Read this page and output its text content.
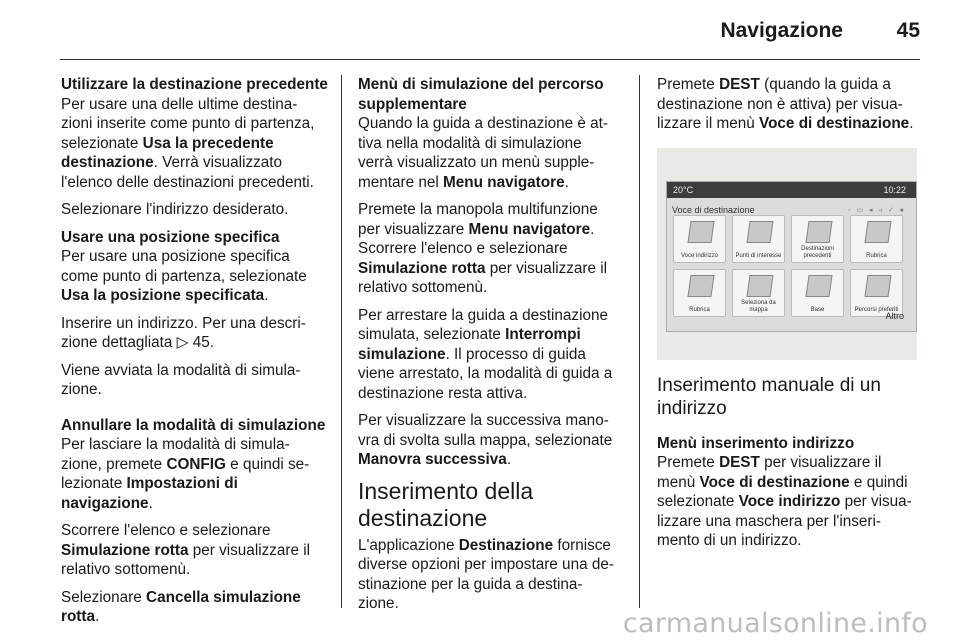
Navigazione	45
Utilizzare la destinazione precedente

Per usare una delle ultime destina-
zioni inserite come punto di partenza,
selezionate Usa la precedente
destinazione. Verrà visualizzato
l'elenco delle destinazioni precedenti.

Selezionare l'indirizzo desiderato.

Usare una posizione specifica

Per usare una posizione specifica
come punto di partenza, selezionate
Usa la posizione specificata.

Inserire un indirizzo. Per una descri-
zione dettagliata ▷ 45.

Viene avviata la modalità di simula-
zione.

Annullare la modalità di simulazione

Per lasciare la modalità di simula-
zione, premete CONFIG e quindi se-
lezionate Impostazioni di
navigazione.

Scorrere l'elenco e selezionare
Simulazione rotta per visualizzare il
relativo sottomenù.

Selezionare Cancella simulazione
rotta.

Menù di simulazione del percorso
supplementare

Quando la guida a destinazione è at-
tiva nella modalità di simulazione
verrà visualizzato un menù supple-
mentare nel Menu navigatore.

Premete la manopola multifunzione
per visualizzare Menu navigatore.
Scorrere l'elenco e selezionare
Simulazione rotta per visualizzare il
relativo sottomenù.

Per arrestare la guida a destinazione
simulata, selezionate Interrompi
simulazione. Il processo di guida
viene arrestato, la modalità di guida a
destinazione resta attiva.

Per visualizzare la successiva mano-
vra di svolta sulla mappa, selezionate
Manovra successiva.

Inserimento della
destinazione

L'applicazione Destinazione fornisce
diverse opzioni per impostare una de-
stinazione per la guida a destina-
zione.

Premete DEST (quando la guida a
destinazione non è attiva) per visua-
lizzare il menù Voce di destinazione.

20°C	10:22
Voce di destinazione	◦ ▭ ◂ ◃ ✓ ●
Voce indirizzo	Punti di interesse
Destinazioni precedenti	Rubrica
Rubrica
Seleziona da mappa	Base	Percorsi preferiti
Altro
Inserimento manuale di un
indirizzo
Menù inserimento indirizzo

Premete DEST per visualizzare il
menù Voce di destinazione e quindi
selezionate Voce indirizzo per visua-
lizzare una maschera per l'inseri-
mento di un indirizzo.

carmanualsonline.info
